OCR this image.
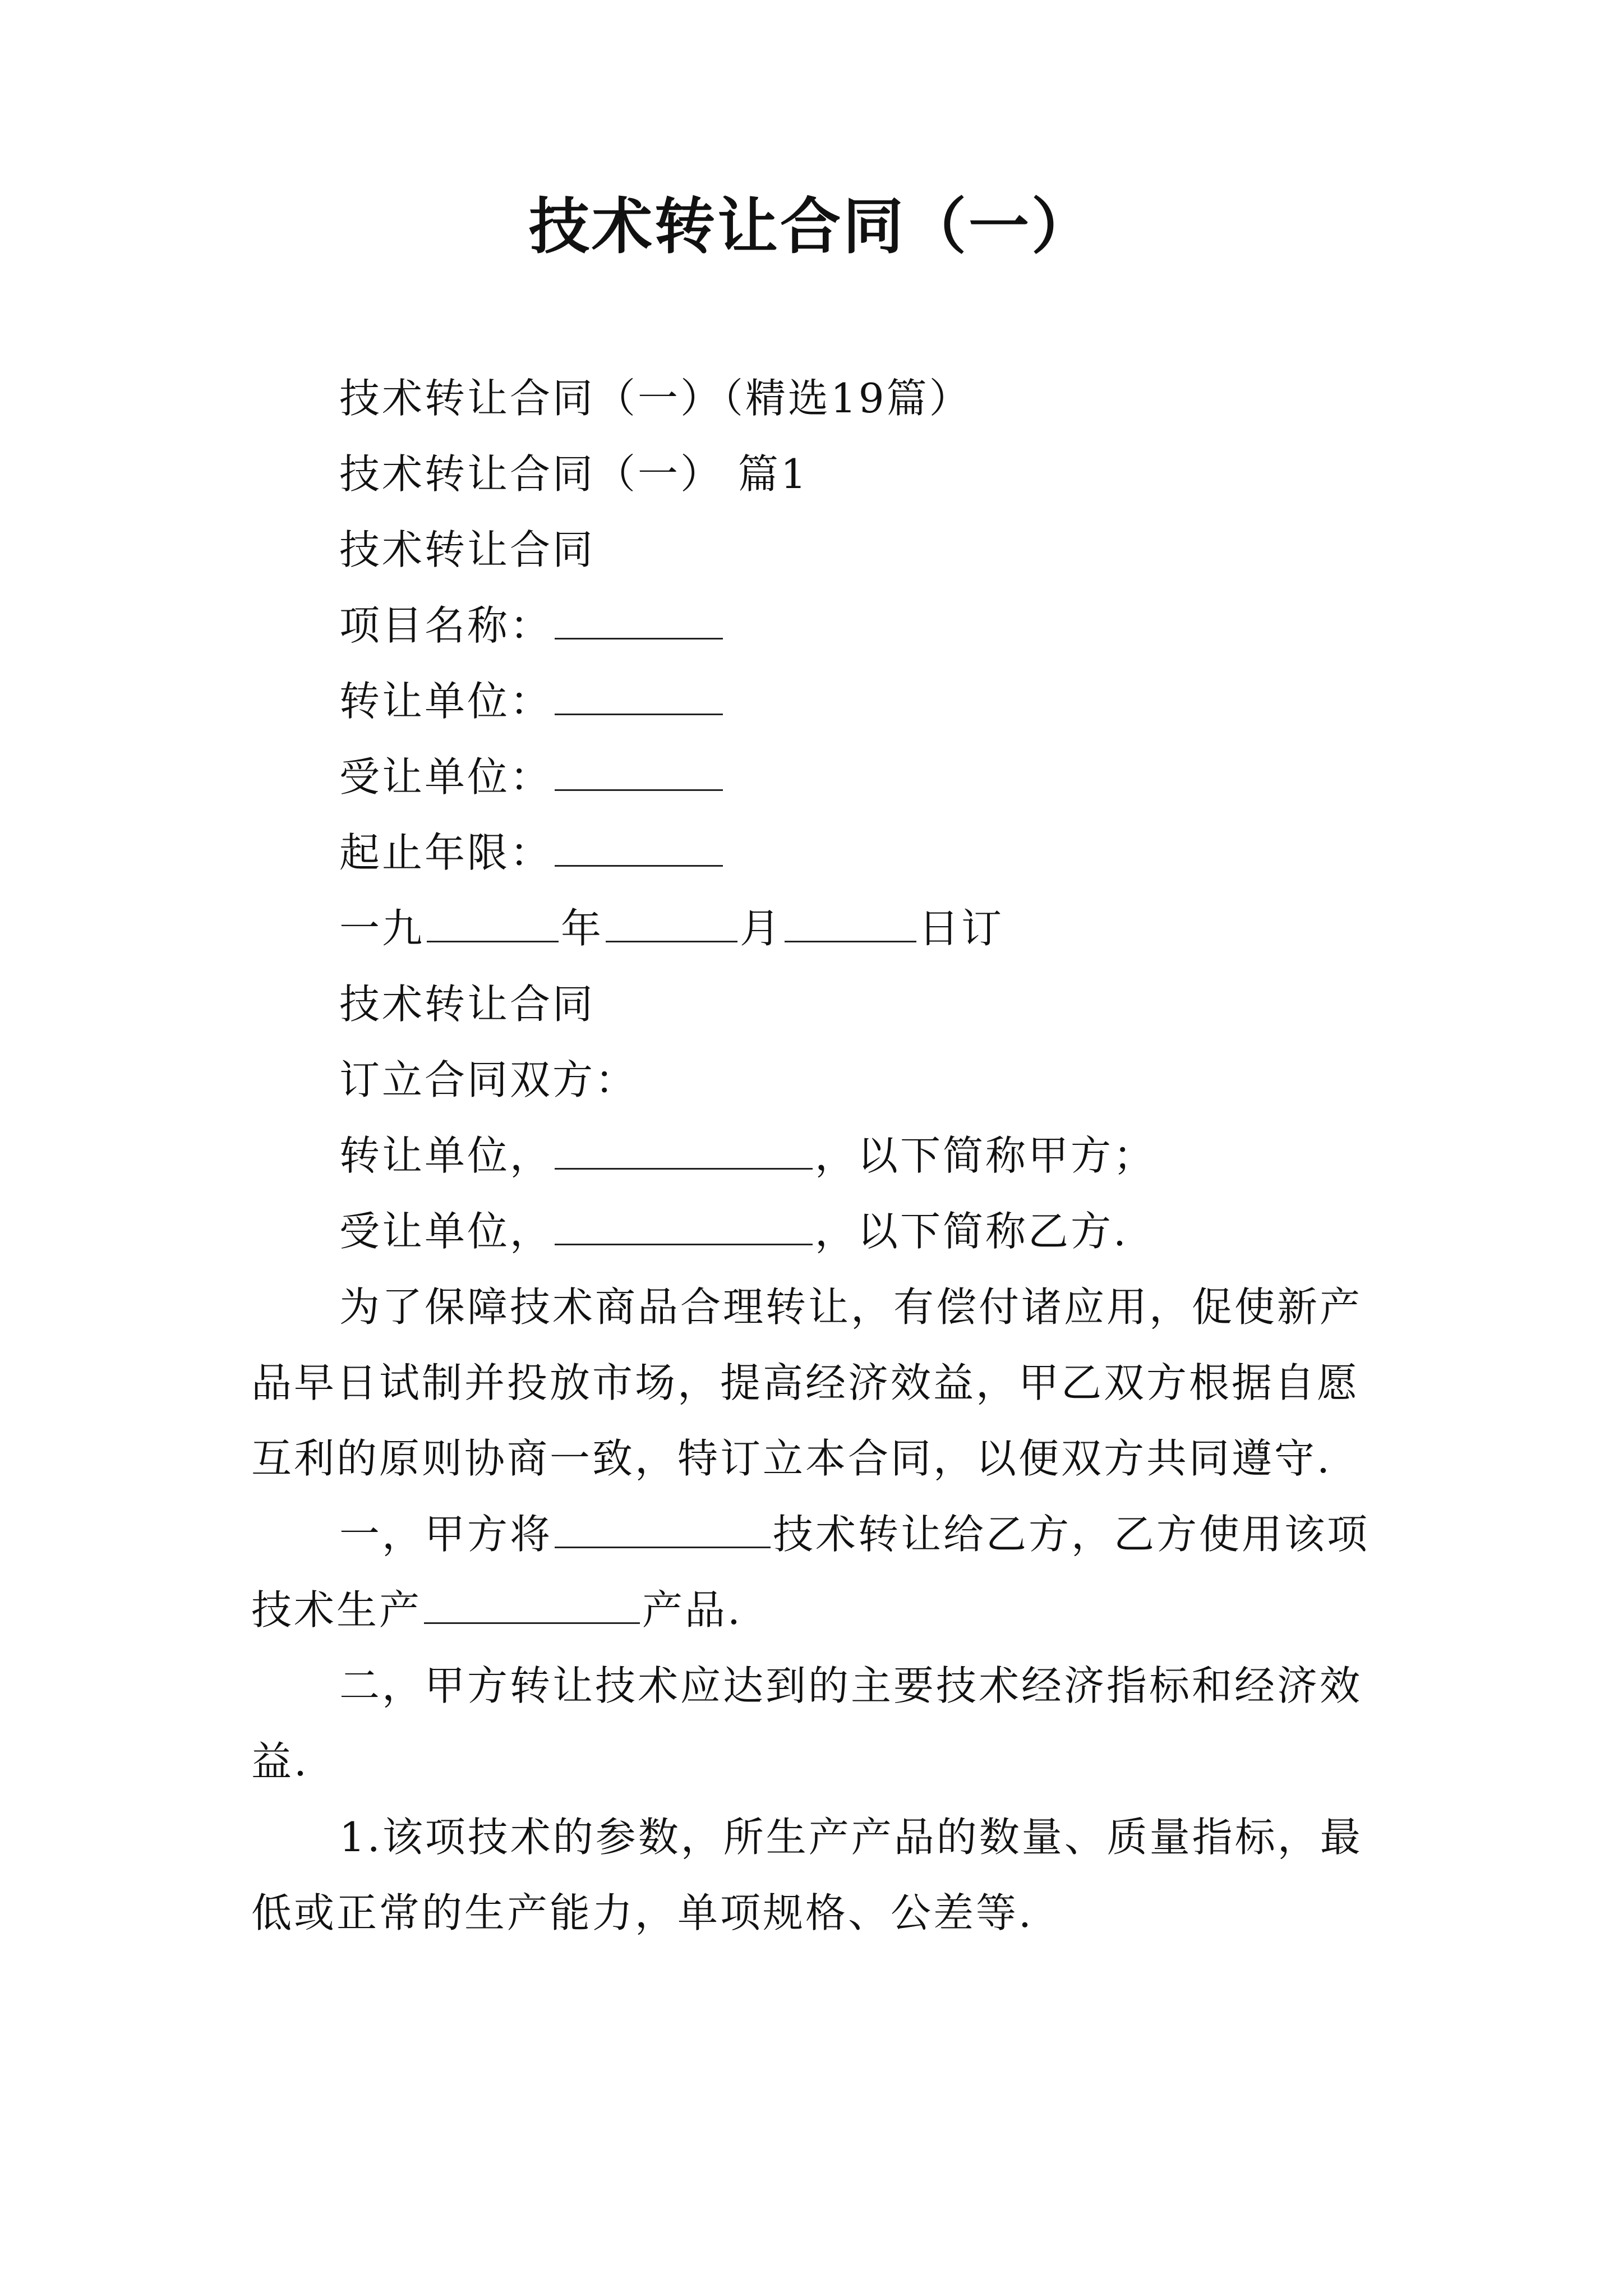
技术转让合同（一）
技术转让合同（一）（精选19篇）
技术转让合同（一） 篇1
技术转让合同
项目名称：
转让单位：
受让单位：
起止年限：
一九	年	月	日订
技术转让合同
订立合同双方：
转让单位，	，以下简称甲方；
受让单位，	，以下简称乙方.
为了保障技术商品合理转让，有偿付诸应用，促使新产
品早日试制并投放市场，提高经济效益，甲乙双方根据自愿
互利的原则协商一致，特订立本合同，以便双方共同遵守.
一，甲方将	技术转让给乙方，乙方使用该项
技术生产	产品.
二，甲方转让技术应达到的主要技术经济指标和经济效
益.
1.该项技术的参数，所生产产品的数量、质量指标，最
低或正常的生产能力，单项规格、公差等.
